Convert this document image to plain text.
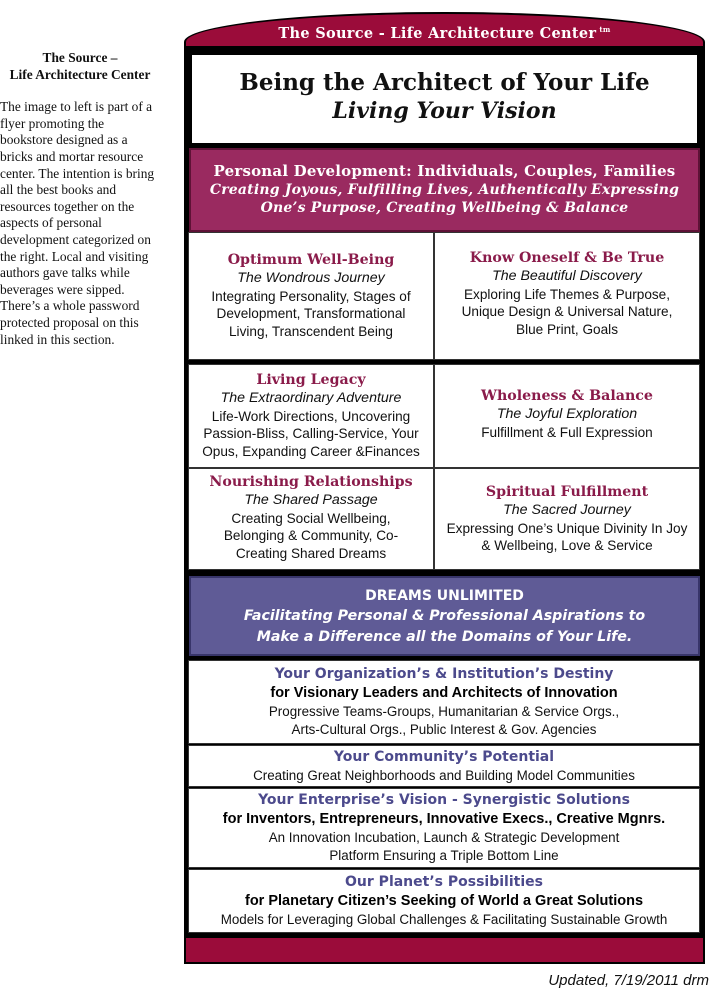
The Source –
Life Architecture Center
The image to left is part of a flyer promoting the bookstore designed as a bricks and mortar resource center. The intention is bring all the best books and resources together on the aspects of personal development categorized on the right. Local and visiting authors gave talks while beverages were sipped. There’s a whole password protected proposal on this linked in this section.
The Source - Life Architecture Center $^{tm}$
Being the Architect of Your Life
Living Your Vision
Personal Development: Individuals, Couples, Families
Creating Joyous, Fulfilling Lives, Authentically Expressing
One’s Purpose, Creating Wellbeing & Balance
Optimum Well-Being
The Wondrous Journey
Integrating Personality, Stages of Development, Transformational Living, Transcendent Being
Know Oneself & Be True
The Beautiful Discovery
Exploring Life Themes & Purpose, Unique Design & Universal Nature, Blue Print, Goals
Living Legacy
The Extraordinary Adventure
Life-Work Directions, Uncovering Passion-Bliss, Calling-Service, Your Opus, Expanding Career &Finances
Wholeness & Balance
The Joyful Exploration
Fulfillment & Full Expression
Nourishing Relationships
The Shared Passage
Creating Social Wellbeing, Belonging & Community, Co-Creating Shared Dreams
Spiritual Fulfillment
The Sacred Journey
Expressing One’s Unique Divinity In Joy & Wellbeing, Love & Service
DREAMS UNLIMITED
Facilitating Personal & Professional Aspirations to
Make a Difference all the Domains of Your Life.
Your Organization’s & Institution’s Destiny
for Visionary Leaders and Architects of Innovation
Progressive Teams-Groups, Humanitarian & Service Orgs.,
Arts-Cultural Orgs., Public Interest & Gov. Agencies
Your Community’s Potential
Creating Great Neighborhoods and Building Model Communities
Your Enterprise’s Vision - Synergistic Solutions
for Inventors, Entrepreneurs, Innovative Execs., Creative Mgnrs.
An Innovation Incubation, Launch & Strategic Development
Platform Ensuring a Triple Bottom Line
Our Planet’s Possibilities
for Planetary Citizen’s Seeking of World a Great Solutions
Models for Leveraging Global Challenges & Facilitating Sustainable Growth
Updated, 7/19/2011 drm
